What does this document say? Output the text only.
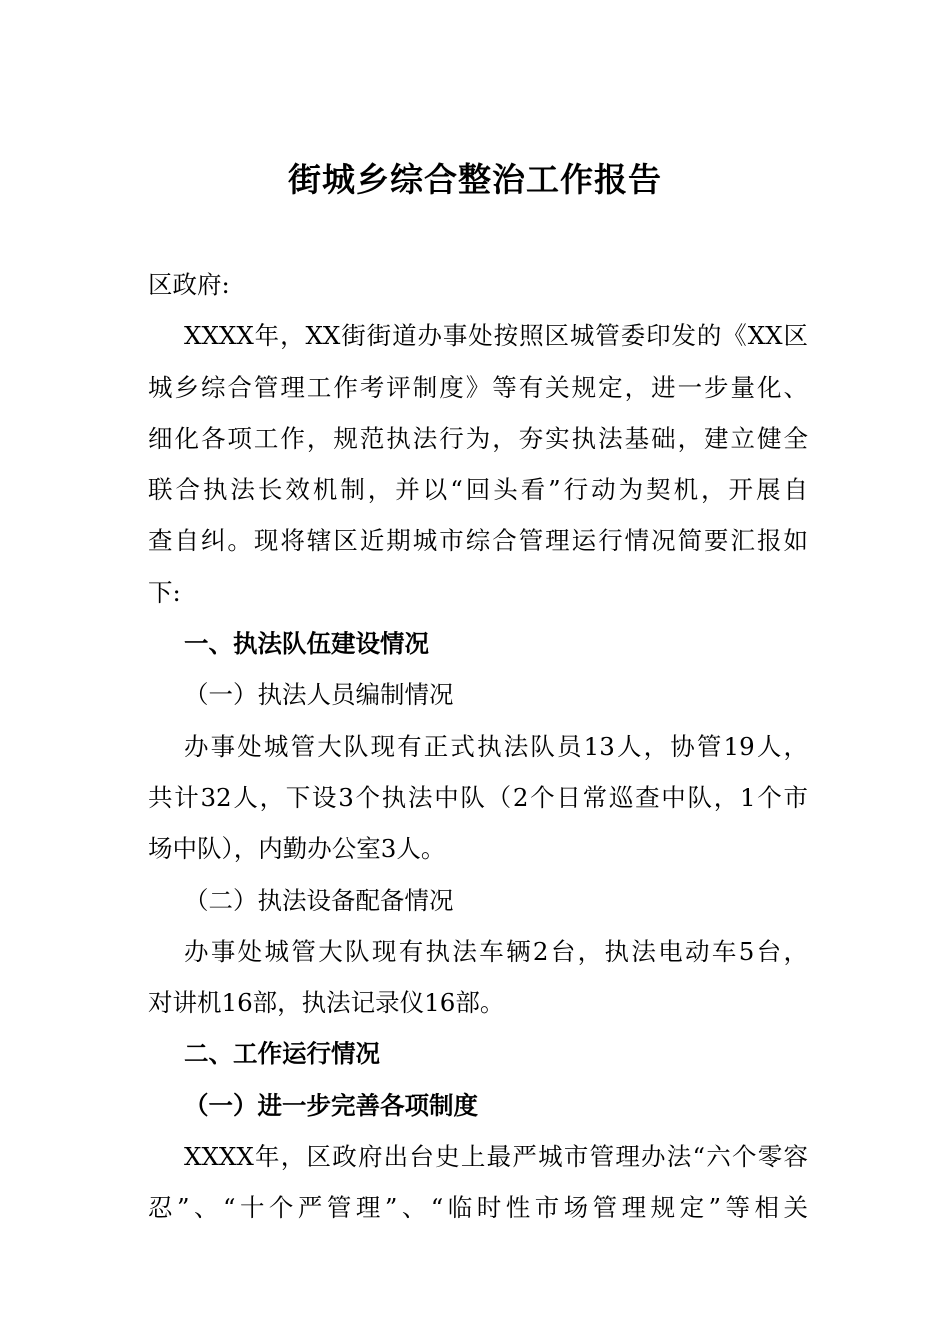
街城乡综合整治工作报告
区政府:
XXXX年，XX街街道办事处按照区城管委印发的《XX区
城乡综合管理工作考评制度》等有关规定，进一步量化、
细化各项工作，规范执法行为，夯实执法基础，建立健全
联合执法长效机制，并以“回头看”行动为契机，开展自
查自纠。现将辖区近期城市综合管理运行情况简要汇报如
下:
一、执法队伍建设情况
（一）执法人员编制情况
办事处城管大队现有正式执法队员13人，协管19人，
共计32人，下设3个执法中队（2个日常巡查中队，1个市
场中队），内勤办公室3人。
（二）执法设备配备情况
办事处城管大队现有执法车辆2台，执法电动车5台，
对讲机16部，执法记录仪16部。
二、工作运行情况
（一）进一步完善各项制度
XXXX年，区政府出台史上最严城市管理办法“六个零容
忍”、“十个严管理”、“临时性市场管理规定”等相关
